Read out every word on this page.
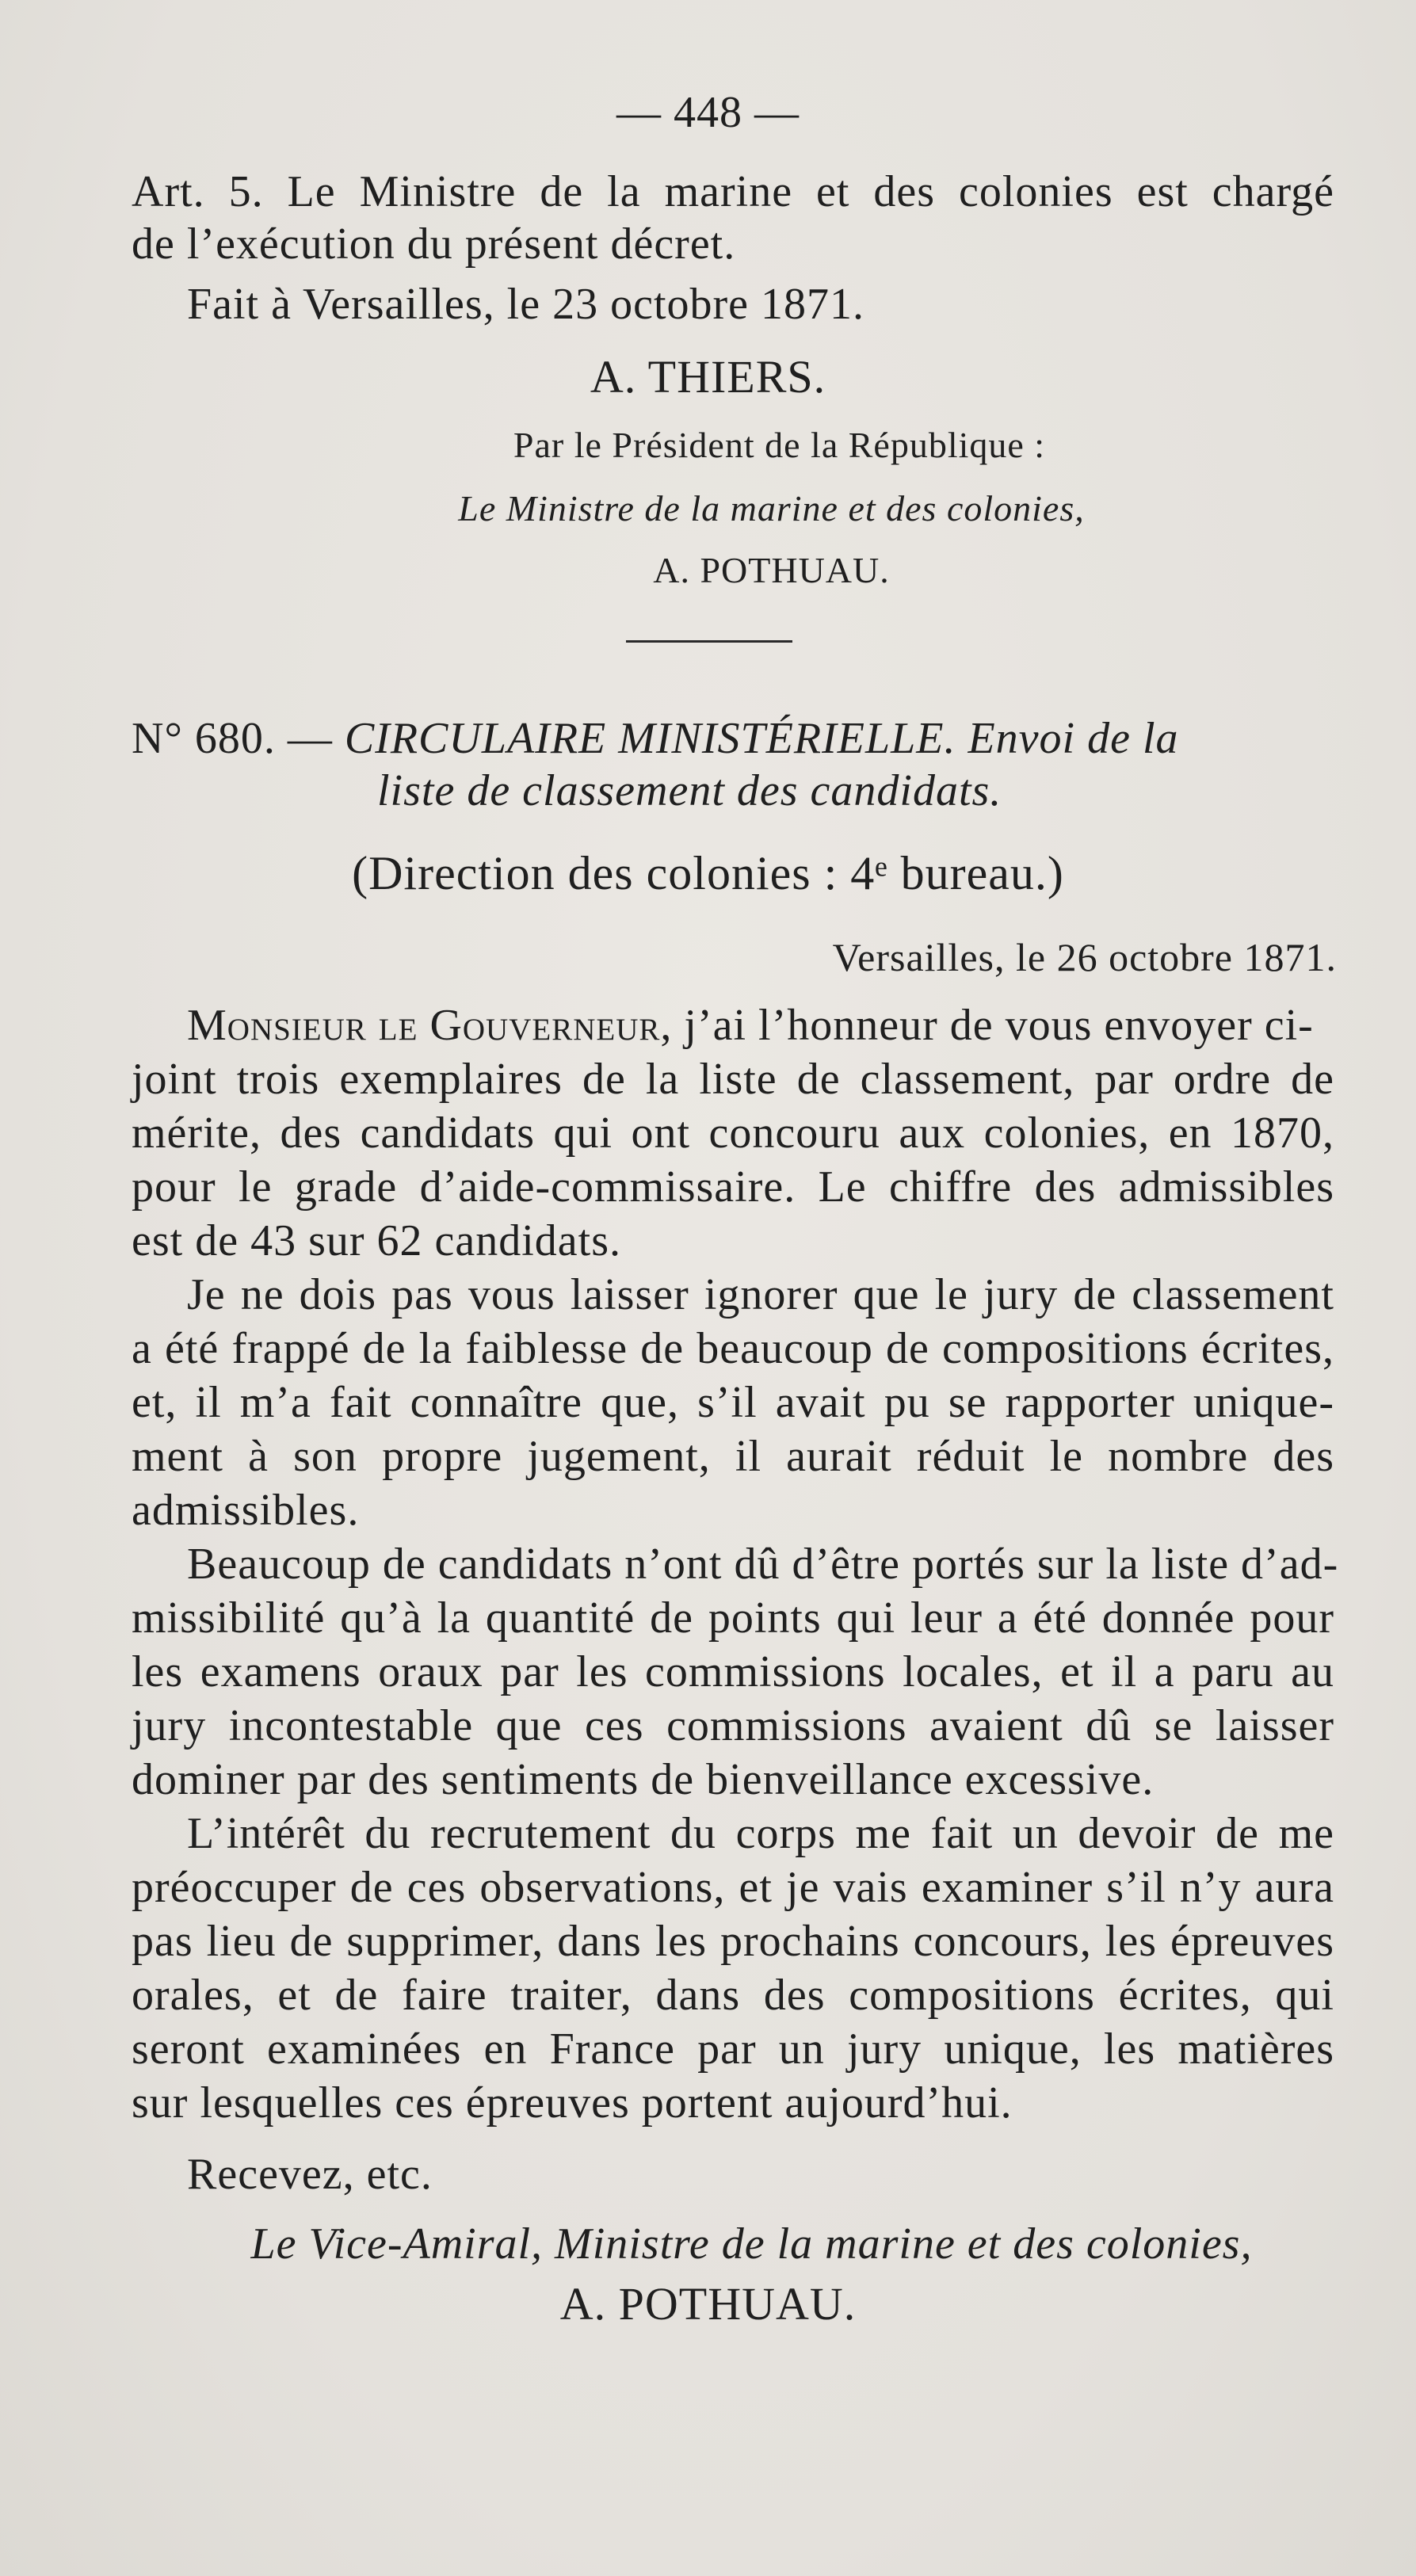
— 448 —
Art. 5. Le Ministre de la marine et des colonies est chargé
de l’exécution du présent décret.
Fait à Versailles, le 23 octobre 1871.
A. THIERS.
Par le Président de la République :
Le Ministre de la marine et des colonies,
A. POTHUAU.
N° 680. — CIRCULAIRE MINISTÉRIELLE. Envoi de la
liste de classement des candidats.
(Direction des colonies : 4ᵉ bureau.)
Versailles, le 26 octobre 1871.
Monsieur le Gouverneur, j’ai l’honneur de vous envoyer ci-
joint trois exemplaires de la liste de classement, par ordre de
mérite, des candidats qui ont concouru aux colonies, en 1870,
pour le grade d’aide-commissaire. Le chiffre des admissibles
est de 43 sur 62 candidats.
Je ne dois pas vous laisser ignorer que le jury de classement
a été frappé de la faiblesse de beaucoup de compositions écrites,
et, il m’a fait connaître que, s’il avait pu se rapporter unique-
ment à son propre jugement, il aurait réduit le nombre des
admissibles.
Beaucoup de candidats n’ont dû d’être portés sur la liste d’ad-
missibilité qu’à la quantité de points qui leur a été donnée pour
les examens oraux par les commissions locales, et il a paru au
jury incontestable que ces commissions avaient dû se laisser
dominer par des sentiments de bienveillance excessive.
L’intérêt du recrutement du corps me fait un devoir de me
préoccuper de ces observations, et je vais examiner s’il n’y aura
pas lieu de supprimer, dans les prochains concours, les épreuves
orales, et de faire traiter, dans des compositions écrites, qui
seront examinées en France par un jury unique, les matières
sur lesquelles ces épreuves portent aujourd’hui.
Recevez, etc.
Le Vice-Amiral, Ministre de la marine et des colonies,
A. POTHUAU.
